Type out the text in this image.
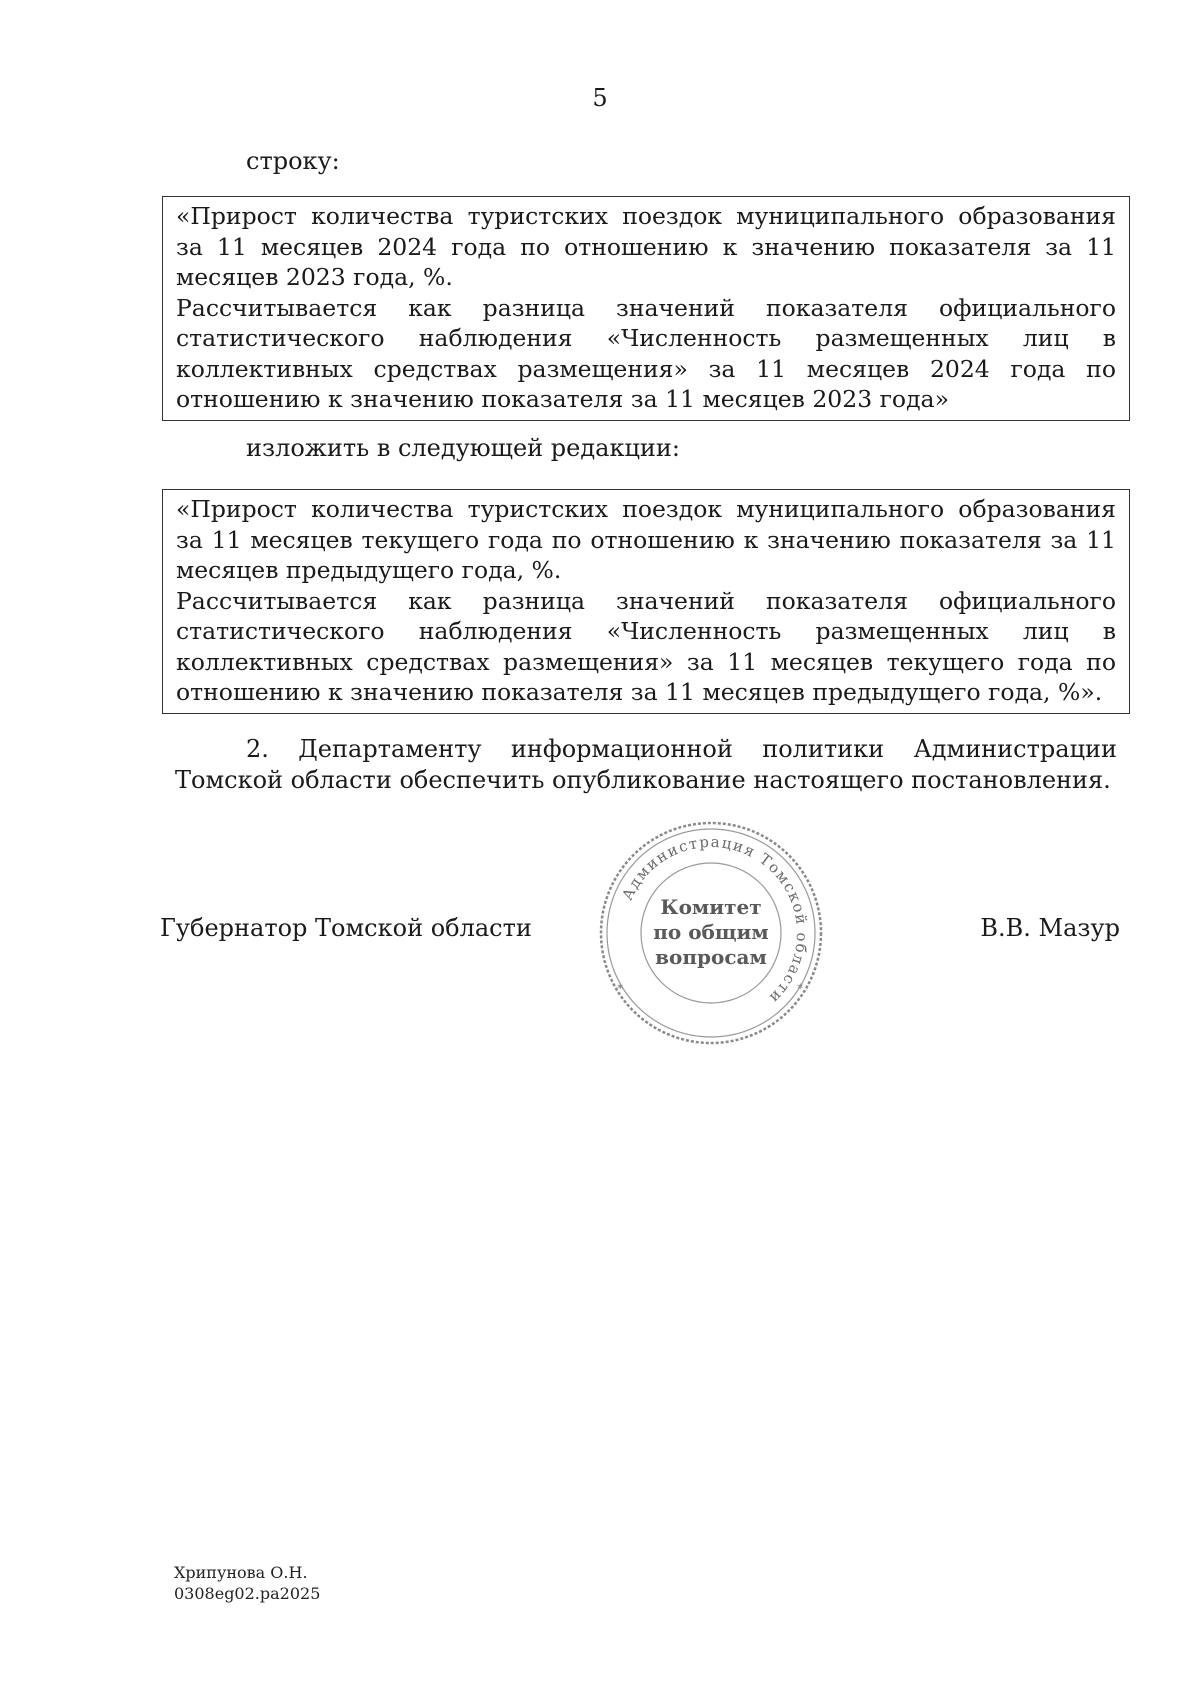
5
строку:

«Прирост количества туристских поездок муниципального образования за 11 месяцев 2024 года по отношению к значению показателя за 11 месяцев 2023 года, %.

Рассчитывается как разница значений показателя официального статистического наблюдения «Численность размещенных лиц в коллективных средствах размещения» за 11 месяцев 2024 года по отношению к значению показателя за 11 месяцев 2023 года»

изложить в следующей редакции:

«Прирост количества туристских поездок муниципального образования за 11 месяцев текущего года по отношению к значению показателя за 11 месяцев предыдущего года, %.

Рассчитывается как разница значений показателя официального статистического наблюдения «Численность размещенных лиц в коллективных средствах размещения» за 11 месяцев текущего года по отношению к значению показателя за 11 месяцев предыдущего года, %».

2. Департаменту информационной политики Администрации Томской области обеспечить опубликование настоящего постановления.

Губернатор Томской области
Администрация Томской области
✶	✶
Комитет
по общим
вопросам
В.В. Мазур
Хрипунова О.Н.
0308eg02.pa2025
